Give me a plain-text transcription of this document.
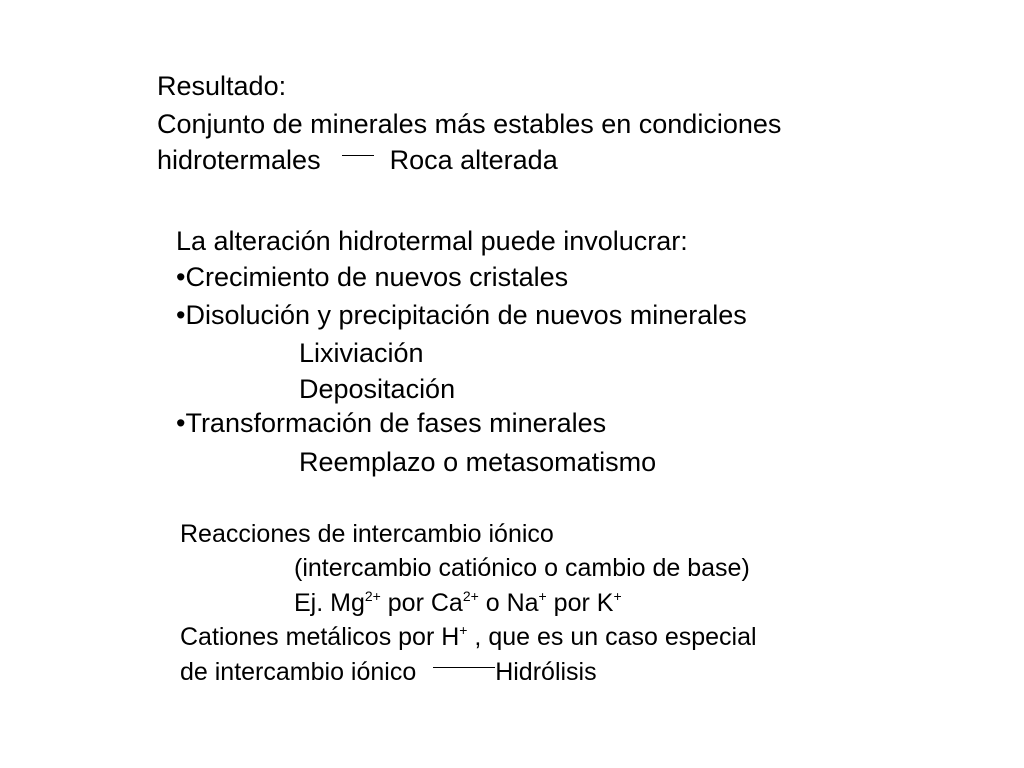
Resultado:
Conjunto de minerales más estables en condiciones
hidrotermales	Roca alterada
La alteración hidrotermal puede involucrar:
•Crecimiento de nuevos cristales
•Disolución y precipitación de nuevos minerales
Lixiviación
Depositación
•Transformación de fases minerales
Reemplazo o metasomatismo
Reacciones de intercambio iónico
(intercambio catiónico o cambio de base)
Ej. $Mg^{2+}$ por $Ca^{2+}$ o Na+ por K+
Cationes metálicos por H+ , que es un caso especial
de intercambio iónico	Hidrólisis
